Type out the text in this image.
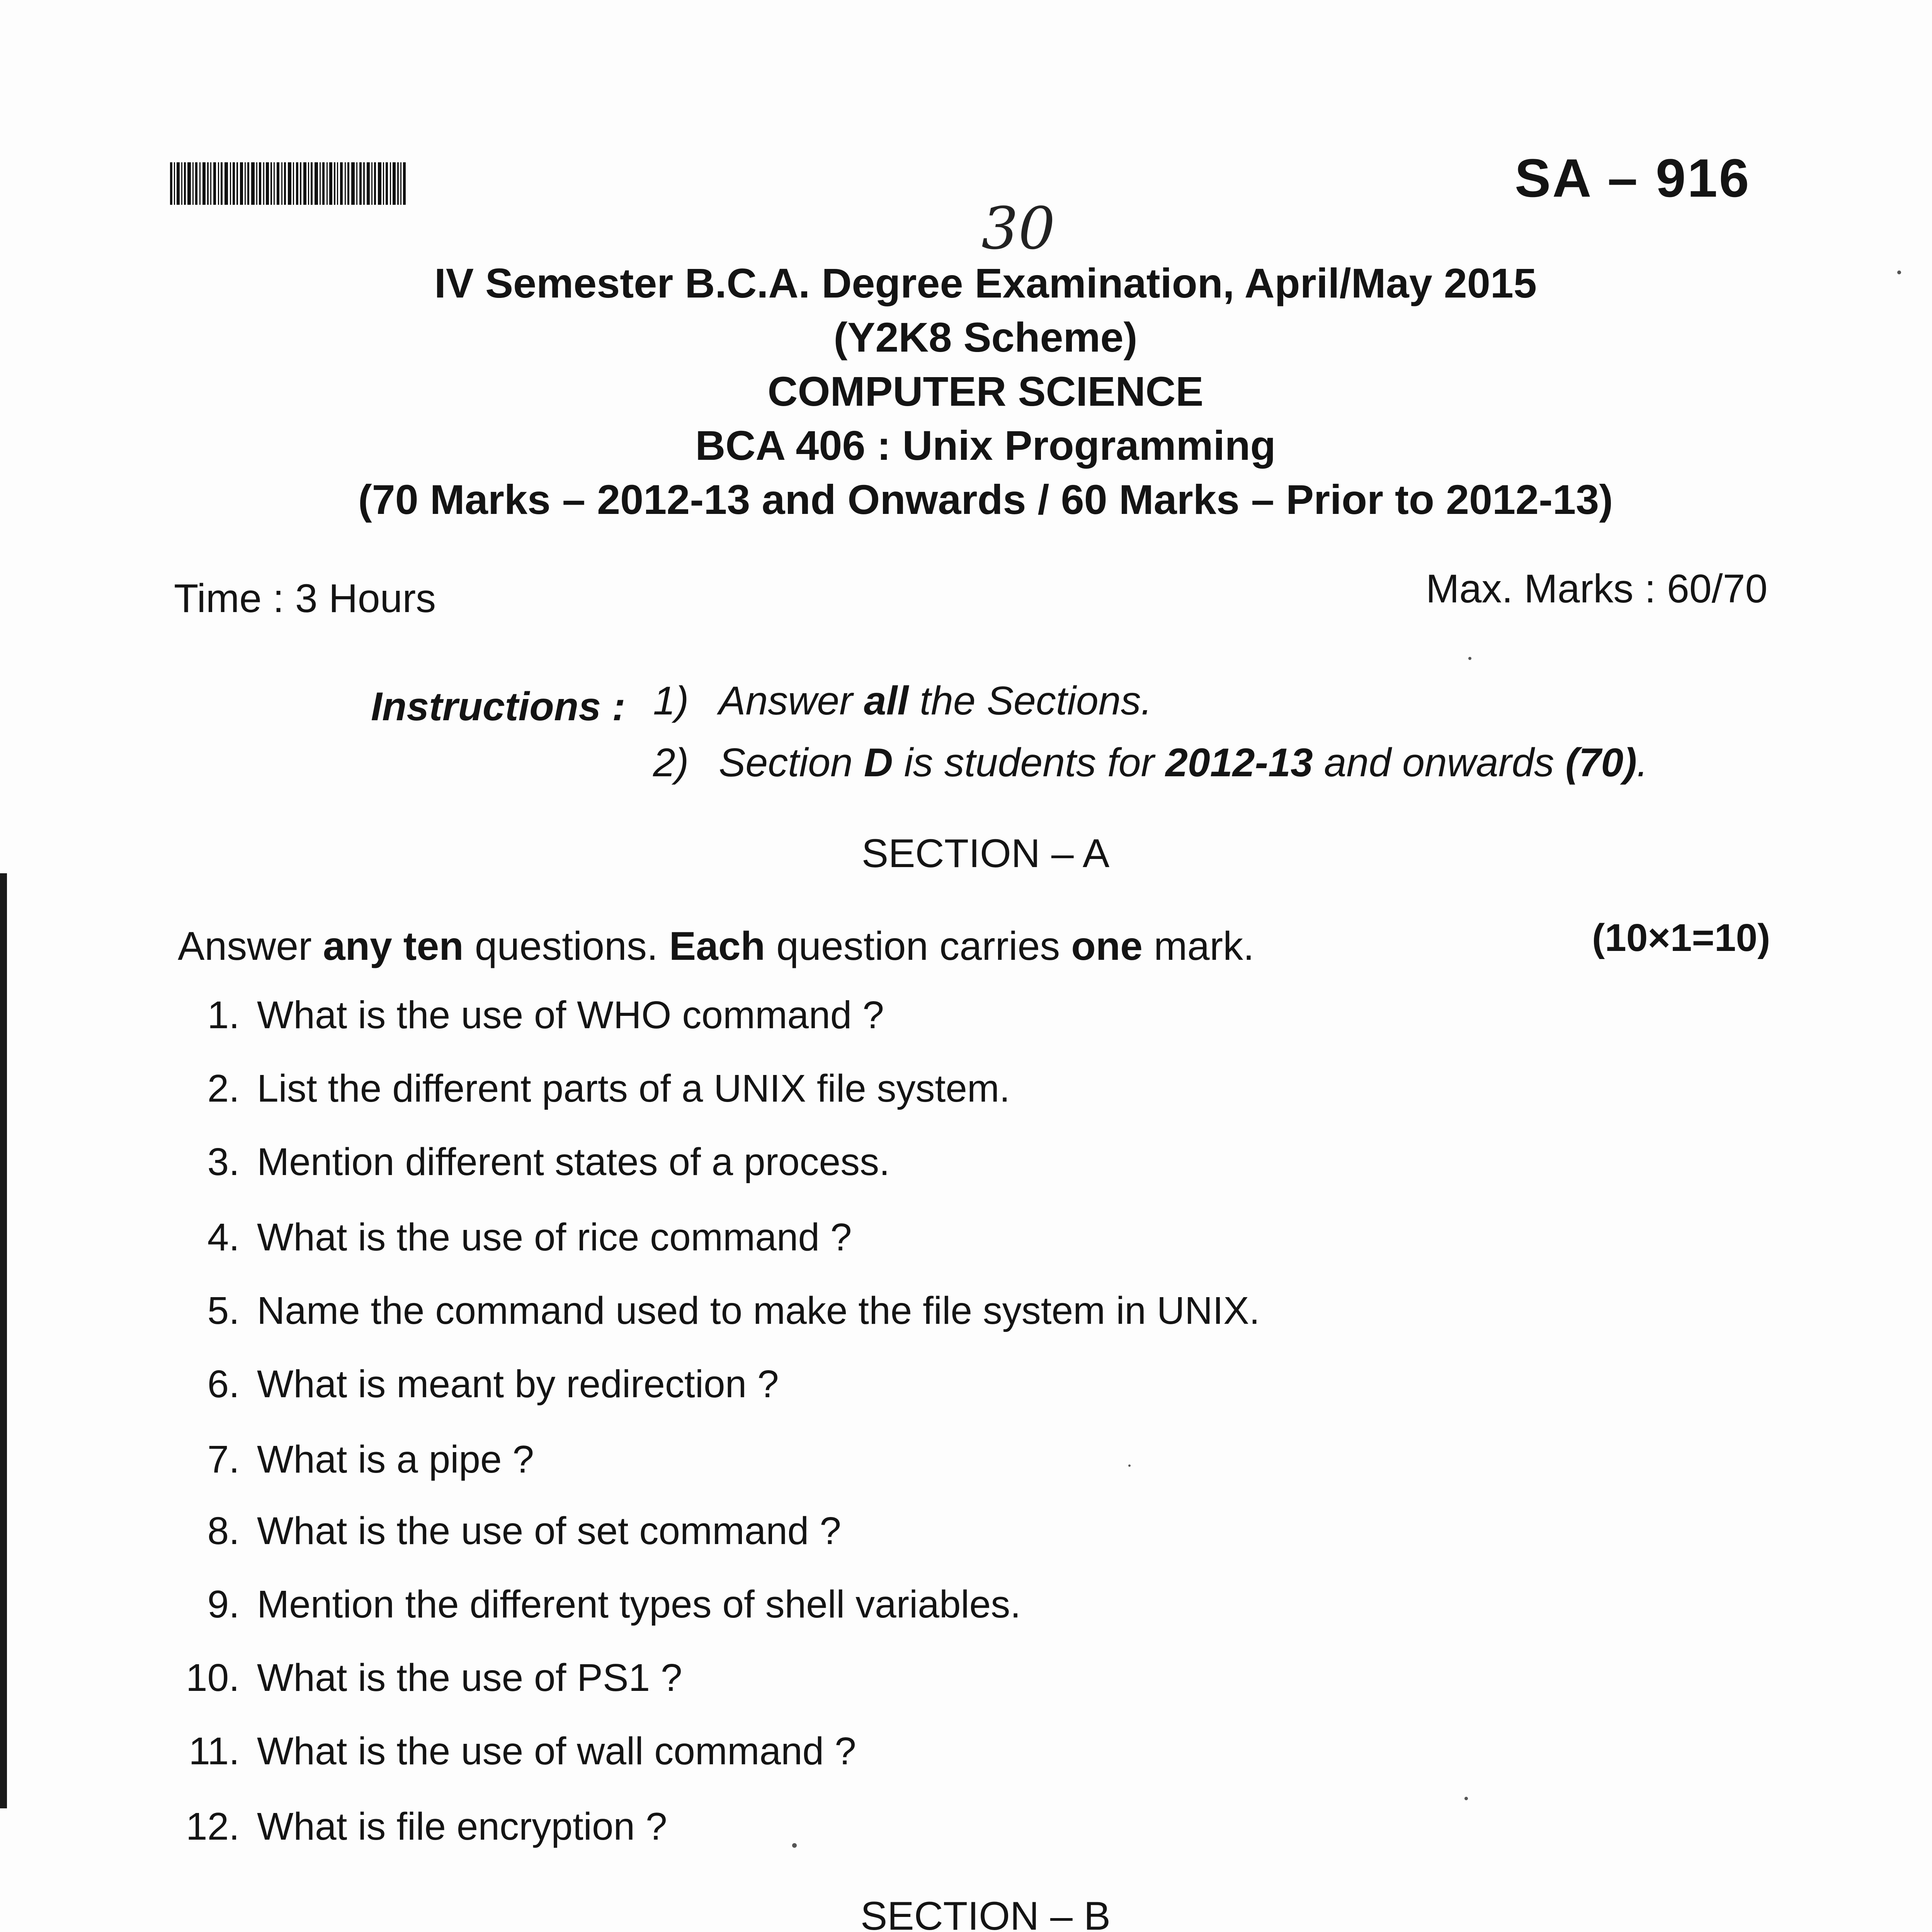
SA – 916
30
IV Semester B.C.A. Degree Examination, April/May 2015
(Y2K8 Scheme)
COMPUTER SCIENCE
BCA 406 : Unix Programming
(70 Marks – 2012-13 and Onwards / 60 Marks – Prior to 2012-13)
Time : 3 Hours	Max. Marks : 60/70
Instructions : 1) Answer all the Sections.
2) Section D is students for 2012-13 and onwards (70).
SECTION – A
Answer any ten questions. Each question carries one mark.	(10×1=10)
1. What is the use of WHO command ?
2. List the different parts of a UNIX file system.
3. Mention different states of a process.
4. What is the use of rice command ?
5. Name the command used to make the file system in UNIX.
6. What is meant by redirection ?
7. What is a pipe ?
8. What is the use of set command ?
9. Mention the different types of shell variables.
10. What is the use of PS1 ?
11. What is the use of wall command ?
12. What is file encryption ?
SECTION – B
